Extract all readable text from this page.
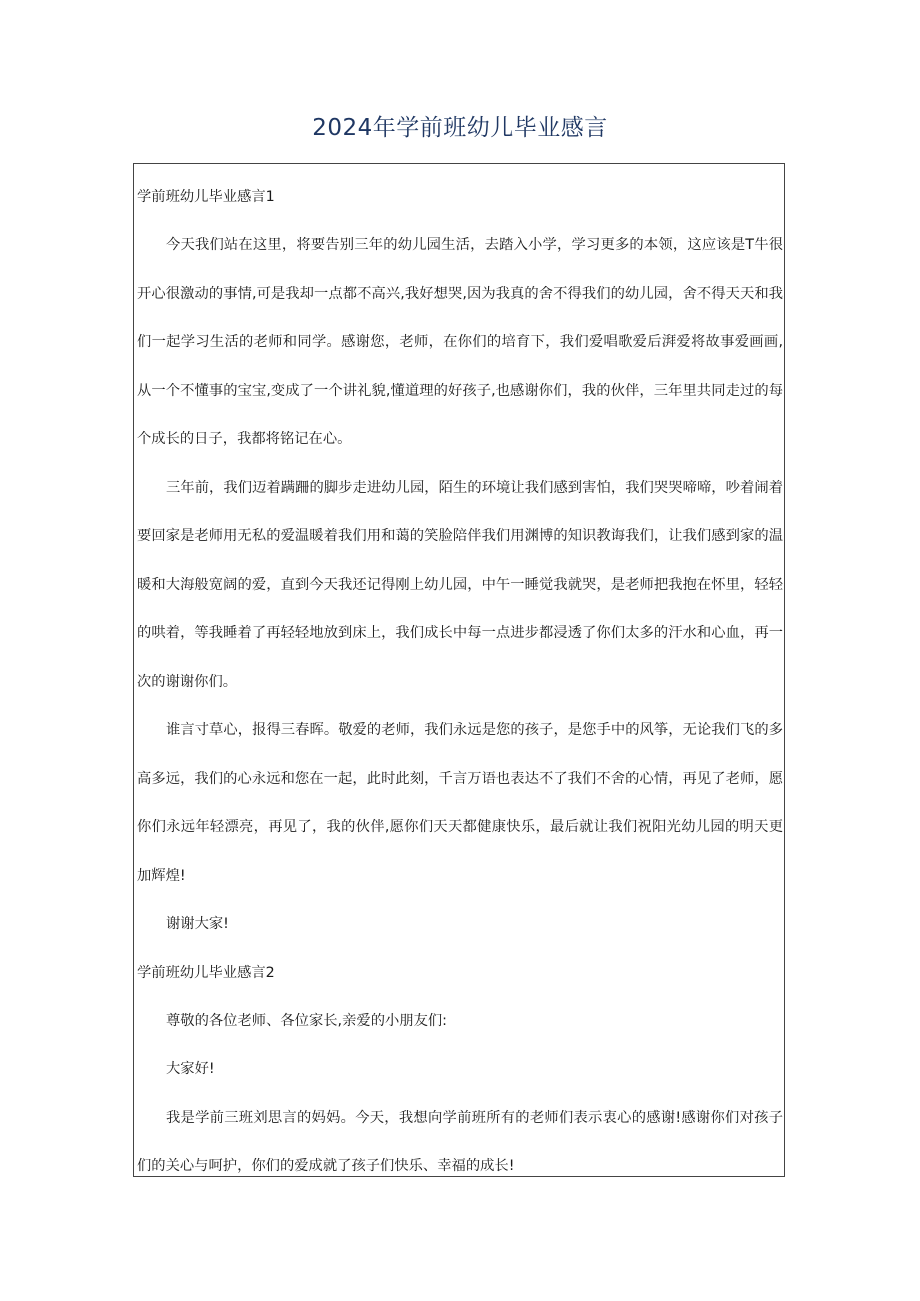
2024年学前班幼儿毕业感言

学前班幼儿毕业感言1

今天我们站在这里，将要告别三年的幼儿园生活，去踏入小学，学习更多的本领，这应该是T牛很开心很激动的事情,可是我却一点都不高兴,我好想哭,因为我真的舍不得我们的幼儿园，舍不得天天和我们一起学习生活的老师和同学。感谢您，老师，在你们的培育下，我们爱唱歌爱后湃爱将故事爱画画,从一个不懂事的宝宝,变成了一个讲礼貌,懂道理的好孩子,也感谢你们，我的伙伴，三年里共同走过的每个成长的日子，我都将铭记在心。

三年前，我们迈着蹒跚的脚步走进幼儿园，陌生的环境让我们感到害怕，我们哭哭啼啼，吵着闹着要回家是老师用无私的爱温暖着我们用和蔼的笑脸陪伴我们用渊博的知识教诲我们，让我们感到家的温暖和大海般宽阔的爱，直到今天我还记得刚上幼儿园，中午一睡觉我就哭，是老师把我抱在怀里，轻轻的哄着，等我睡着了再轻轻地放到床上，我们成长中每一点进步都浸透了你们太多的汗水和心血，再一次的谢谢你们。

谁言寸草心，报得三春晖。敬爱的老师，我们永远是您的孩子，是您手中的风筝，无论我们飞的多高多远，我们的心永远和您在一起，此时此刻，千言万语也表达不了我们不舍的心情，再见了老师，愿你们永远年轻漂亮，再见了，我的伙伴,愿你们天天都健康快乐，最后就让我们祝阳光幼儿园的明天更加辉煌!

谢谢大家!

学前班幼儿毕业感言2

尊敬的各位老师、各位家长,亲爱的小朋友们:

大家好!

我是学前三班刘思言的妈妈。今天，我想向学前班所有的老师们表示衷心的感谢!感谢你们对孩子们的关心与呵护，你们的爱成就了孩子们快乐、幸福的成长!
